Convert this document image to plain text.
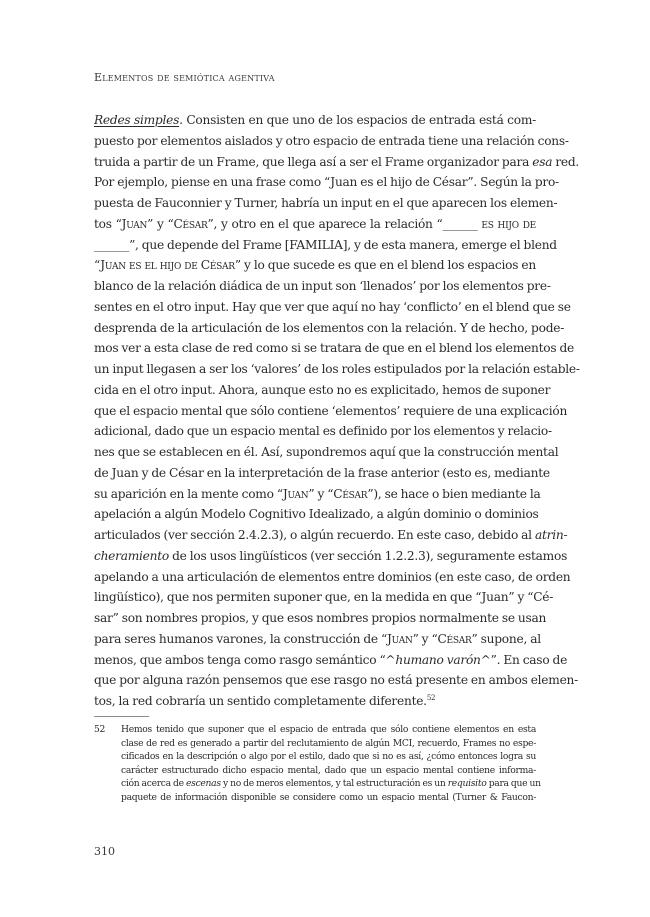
Elementos de semiótica agentiva
Redes simples. Consisten en que uno de los espacios de entrada está com-
puesto por elementos aislados y otro espacio de entrada tiene una relación cons-
truida a partir de un Frame, que llega así a ser el Frame organizador para esa red.
Por ejemplo, piense en una frase como “Juan es el hijo de César”. Según la pro-
puesta de Fauconnier y Turner, habría un input en el que aparecen los elemen-
tos “Juan” y “César”, y otro en el que aparece la relación “______ es hijo de
______”, que depende del Frame [FAMILIA], y de esta manera, emerge el blend
“Juan es el hijo de César” y lo que sucede es que en el blend los espacios en
blanco de la relación diádica de un input son ‘llenados’ por los elementos pre-
sentes en el otro input. Hay que ver que aquí no hay ‘conflicto’ en el blend que se
desprenda de la articulación de los elementos con la relación. Y de hecho, pode-
mos ver a esta clase de red como si se tratara de que en el blend los elementos de
un input llegasen a ser los ‘valores’ de los roles estipulados por la relación estable-
cida en el otro input. Ahora, aunque esto no es explicitado, hemos de suponer
que el espacio mental que sólo contiene ‘elementos’ requiere de una explicación
adicional, dado que un espacio mental es definido por los elementos y relacio-
nes que se establecen en él. Así, supondremos aquí que la construcción mental
de Juan y de César en la interpretación de la frase anterior (esto es, mediante
su aparición en la mente como “Juan” y “César”), se hace o bien mediante la
apelación a algún Modelo Cognitivo Idealizado, a algún dominio o dominios
articulados (ver sección 2.4.2.3), o algún recuerdo. En este caso, debido al atrin-
cheramiento de los usos lingüísticos (ver sección 1.2.2.3), seguramente estamos
apelando a una articulación de elementos entre dominios (en este caso, de orden
lingüístico), que nos permiten suponer que, en la medida en que “Juan” y “Cé-
sar” son nombres propios, y que esos nombres propios normalmente se usan
para seres humanos varones, la construcción de “Juan” y “César” supone, al
menos, que ambos tenga como rasgo semántico “^humano varón^”. En caso de
que por alguna razón pensemos que ese rasgo no está presente en ambos elemen-
tos, la red cobraría un sentido completamente diferente.$^{52}$
52 Hemos tenido que suponer que el espacio de entrada que sólo contiene elementos en esta
clase de red es generado a partir del reclutamiento de algún MCI, recuerdo, Frames no espe-
cificados en la descripción o algo por el estilo, dado que si no es así, ¿cómo entonces logra su
carácter estructurado dicho espacio mental, dado que un espacio mental contiene informa-
ción acerca de escenas y no de meros elementos, y tal estructuración es un requisito para que un
paquete de información disponible se considere como un espacio mental (Turner & Faucon-
310
